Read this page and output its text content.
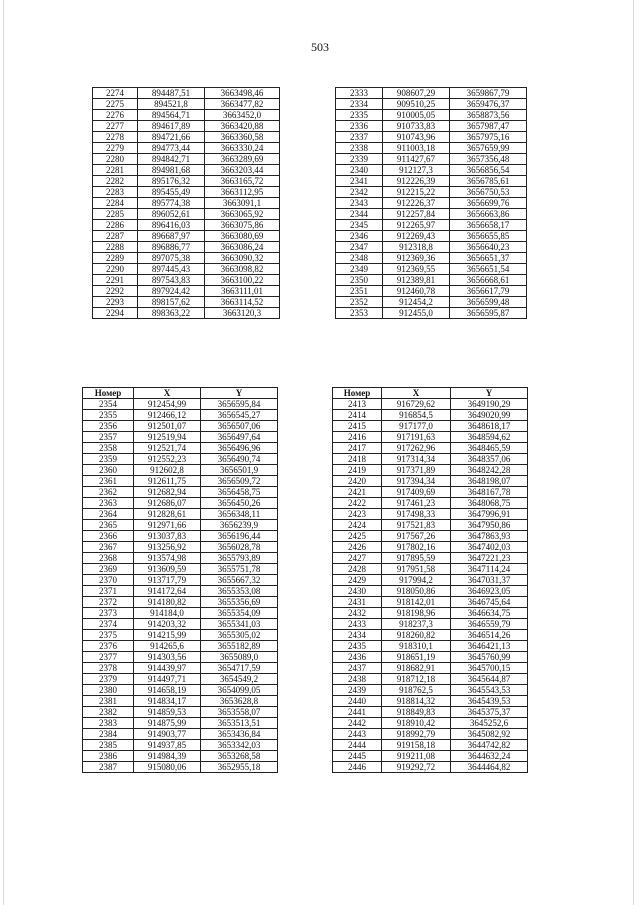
503
2274	894487,51	3663498,46
2275	894521,8	3663477,82
2276	894564,71	3663452,0
2277	894617,89	3663420,88
2278	894721,66	3663360,58
2279	894773,44	3663330,24
2280	894842,71	3663289,69
2281	894981,68	3663203,44
2282	895176,32	3663165,72
2283	895455,49	3663112,95
2284	895774,38	3663091,1
2285	896052,61	3663065,92
2286	896416,03	3663075,86
2287	896687,97	3663080,69
2288	896886,77	3663086,24
2289	897075,38	3663090,32
2290	897445,43	3663098,82
2291	897543,83	3663100,22
2292	897924,42	3663111,01
2293	898157,62	3663114,52
2294	898363,22	3663120,3
2333	908607,29	3659867,79
2334	909510,25	3659476,37
2335	910005,05	3658873,56
2336	910733,83	3657987,47
2337	910743,96	3657975,16
2338	911003,18	3657659,99
2339	911427,67	3657356,48
2340	912127,3	3656856,54
2341	912226,39	3656785,61
2342	912215,22	3656750,53
2343	912226,37	3656699,76
2344	912257,84	3656663,86
2345	912265,97	3656658,17
2346	912269,43	3656655,85
2347	912318,8	3656640,23
2348	912369,36	3656651,37
2349	912369,55	3656651,54
2350	912389,81	3656668,61
2351	912460,78	3656617,79
2352	912454,2	3656599,48
2353	912455,0	3656595,87
Номер	X	Y
2354	912454,99	3656595,84
2355	912466,12	3656545,27
2356	912501,07	3656507,06
2357	912519,94	3656497,64
2358	912521,74	3656496,96
2359	912552,23	3656490,74
2360	912602,8	3656501,9
2361	912611,75	3656509,72
2362	912682,94	3656458,75
2363	912686,07	3656450,26
2364	912828,61	3656348,11
2365	912971,66	3656239,9
2366	913037,83	3656196,44
2367	913256,92	3656028,78
2368	913574,98	3655793,89
2369	913609,59	3655751,78
2370	913717,79	3655667,32
2371	914172,64	3655353,08
2372	914180,82	3655356,69
2373	914184,0	3655354,09
2374	914203,32	3655341,03
2375	914215,99	3655305,02
2376	914265,6	3655182,89
2377	914303,56	3655089,0
2378	914439,97	3654717,59
2379	914497,71	3654549,2
2380	914658,19	3654099,05
2381	914834,17	3653628,8
2382	914859,53	3653558,07
2383	914875,99	3653513,51
2384	914903,77	3653436,84
2385	914937,85	3653342,03
2386	914984,39	3653268,58
2387	915080,06	3652955,18
Номер	X	Y
2413	916729,62	3649190,29
2414	916854,5	3649020,99
2415	917177,0	3648618,17
2416	917191,63	3648594,62
2417	917262,96	3648465,59
2418	917314,34	3648357,06
2419	917371,89	3648242,28
2420	917394,34	3648198,07
2421	917409,69	3648167,78
2422	917461,23	3648068,75
2423	917498,33	3647996,91
2424	917521,83	3647950,86
2425	917567,26	3647863,93
2426	917802,16	3647402,03
2427	917895,59	3647221,23
2428	917951,58	3647114,24
2429	917994,2	3647031,37
2430	918050,86	3646923,05
2431	918142,01	3646745,64
2432	918198,96	3646634,75
2433	918237,3	3646559,79
2434	918260,82	3646514,26
2435	918310,1	3646421,13
2436	918651,19	3645760,99
2437	918682,91	3645700,15
2438	918712,18	3645644,87
2439	918762,5	3645543,53
2440	918814,32	3645439,53
2441	918849,83	3645375,37
2442	918910,42	3645252,6
2443	918992,79	3645082,92
2444	919158,18	3644742,82
2445	919211,08	3644632,24
2446	919292,72	3644464,82
